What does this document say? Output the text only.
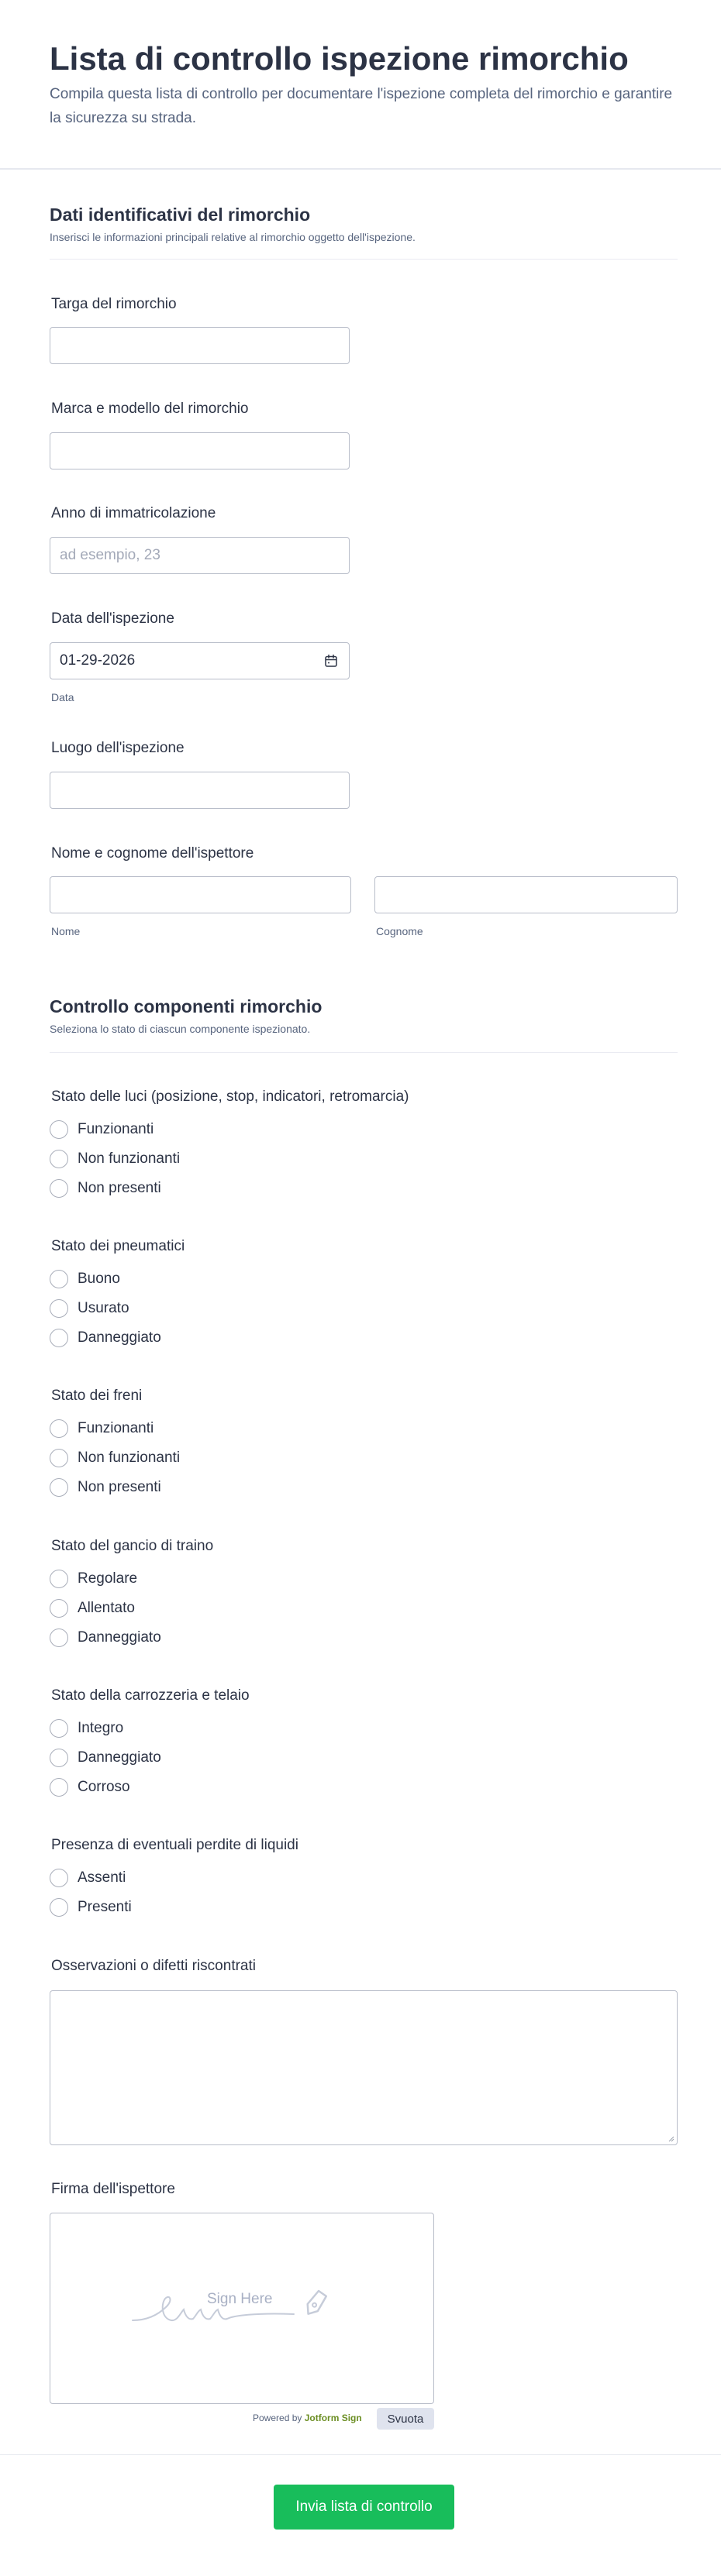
Lista di controllo ispezione rimorchio

Compila questa lista di controllo per documentare l'ispezione completa del rimorchio e garantire la sicurezza su strada.

Dati identificativi del rimorchio

Inserisci le informazioni principali relative al rimorchio oggetto dell'ispezione.

Targa del rimorchio

Marca e modello del rimorchio

Anno di immatricolazione

ad esempio, 23

Data dell'ispezione

01-29-2026

Data

Luogo dell'ispezione

Nome e cognome dell'ispettore

Nome	Cognome

Controllo componenti rimorchio

Seleziona lo stato di ciascun componente ispezionato.

Stato delle luci (posizione, stop, indicatori, retromarcia)

Funzionanti
Non funzionanti
Non presenti

Stato dei pneumatici

Buono
Usurato
Danneggiato

Stato dei freni

Funzionanti
Non funzionanti
Non presenti

Stato del gancio di traino

Regolare
Allentato
Danneggiato

Stato della carrozzeria e telaio

Integro
Danneggiato
Corroso

Presenza di eventuali perdite di liquidi

Assenti
Presenti

Osservazioni o difetti riscontrati

Firma dell'ispettore

Sign Here
Powered by Jotform Sign	Svuota
Invia lista di controllo
